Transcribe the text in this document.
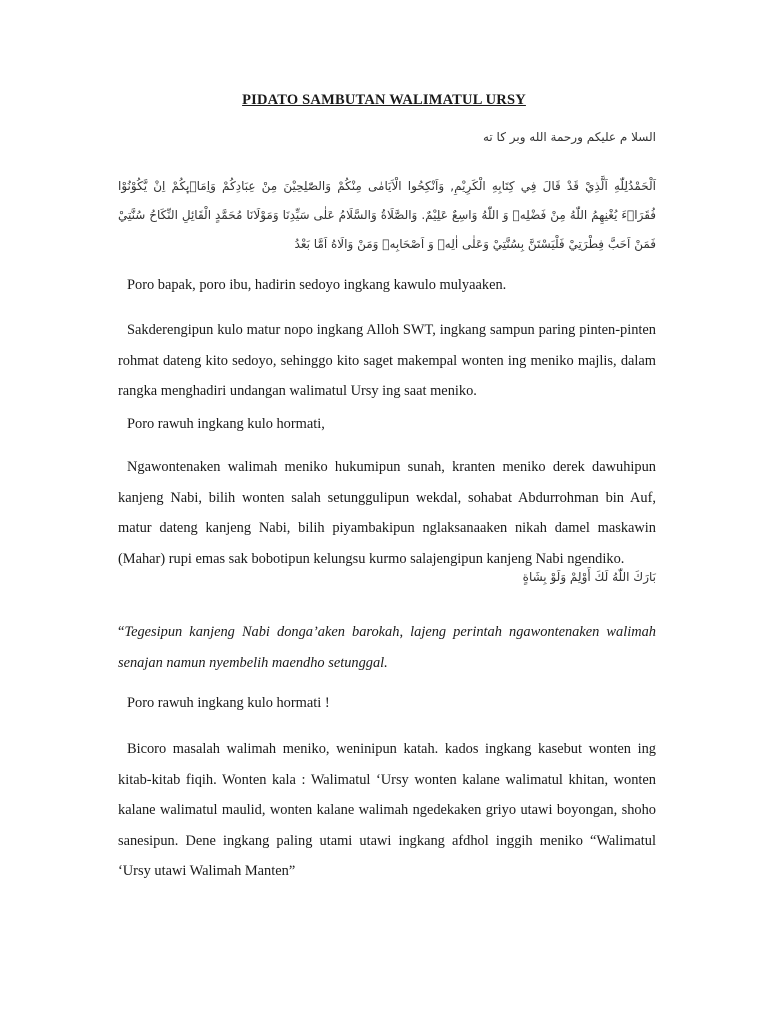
PIDATO SAMBUTAN WALIMATUL URSY
السلا م عليكم ورحمة الله وبر كا ته
اَلْحَمْدُلِلّٰهِ اَلَّذِيْ قَدْ قَالَ فِي كِتَابِهِ الْكَرِيْمِ, وَاَنْكِحُوا الْاَيَامٰى مِنْكُمْ وَالصّٰلِحِيْنَ مِنْ عِبَادِكُمْ وَاِمَاۤىِٕكُمْ اِنْ يَّكُوْنُوْا فُقَرَاۤءَ يُغْنِهِمُ اللّٰهُ مِنْ فَضْلِهٖ وَ اللّٰهُ وَاسِعٌ عَلِيْمٌ. وَالصَّلَاةُ وَالسَّلَامُ عَلٰى سَيِّدِنَا وَمَوْلَانَا مُحَمَّدٍ الْقَائِلِ النِّكَاحُ سُنَّتِيْ فَمَنْ اَحَبَّ فِطْرَتِيْ فَلْيَسْتَنَّ بِسُنَّتِيْ وَعَلٰى اٰلِهٖ وَ اَصْحَابِهٖ وَمَنْ وَالَاهُ اَمَّا بَعْدُ
Poro bapak, poro ibu, hadirin sedoyo ingkang kawulo mulyaaken.
Sakderengipun kulo matur nopo ingkang Alloh SWT, ingkang sampun paring pinten-pinten rohmat dateng kito sedoyo, sehinggo kito saget makempal wonten ing meniko majlis, dalam rangka menghadiri undangan walimatul Ursy ing saat meniko.
Poro rawuh ingkang kulo hormati,
Ngawontenaken walimah meniko hukumipun sunah, kranten meniko derek dawuhipun kanjeng Nabi, bilih wonten salah setunggulipun wekdal, sohabat Abdurrohman bin Auf, matur dateng kanjeng Nabi, bilih piyambakipun nglaksanaaken nikah damel maskawin (Mahar) rupi emas sak bobotipun kelungsu kurmo salajengipun kanjeng Nabi ngendiko.
بَارَكَ اللّٰهُ لَكَ أَوْلِمْ وَلَوْ بِشَاةٍ
“Tegesipun kanjeng Nabi donga’aken barokah, lajeng perintah ngawontenaken walimah senajan namun nyembelih maendho setunggal.
Poro rawuh ingkang kulo hormati !
Bicoro masalah walimah meniko, weninipun katah. kados ingkang kasebut wonten ing kitab-kitab fiqih. Wonten kala : Walimatul ‘Ursy wonten kalane walimatul khitan, wonten kalane walimatul maulid, wonten kalane walimah ngedekaken griyo utawi boyongan, shoho sanesipun. Dene ingkang paling utami utawi ingkang afdhol inggih meniko “Walimatul ‘Ursy utawi Walimah Manten”
